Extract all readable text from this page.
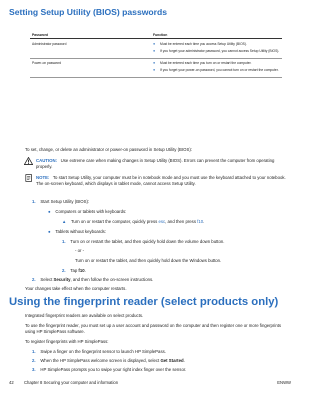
Setting Setup Utility (BIOS) passwords
Password	Function
Administrator password	● Must be entered each time you access Setup Utility (BIOS).
● If you forget your administrator password, you cannot access Setup Utility (BIOS).

Power-on password	● Must be entered each time you turn on or restart the computer.
● If you forget your power-on password, you cannot turn on or restart the computer.
To set, change, or delete an administrator or power-on password in Setup Utility (BIOS):
CAUTION: Use extreme care when making changes in Setup Utility (BIOS). Errors can prevent the computer from operating properly.
NOTE: To start Setup Utility, your computer must be in notebook mode and you must use the keyboard attached to your notebook. The on-screen keyboard, which displays in tablet mode, cannot access Setup Utility.
1. Start Setup Utility (BIOS):
● Computers or tablets with keyboards:
▲ Turn on or restart the computer, quickly press esc, and then press f10.
● Tablets without keyboards:
1. Turn on or restart the tablet, and then quickly hold down the volume down button.
- or -
Turn on or restart the tablet, and then quickly hold down the Windows button.
2. Tap f10.
2. Select Security, and then follow the on-screen instructions.
Your changes take effect when the computer restarts.
Using the fingerprint reader (select products only)
Integrated fingerprint readers are available on select products.
To use the fingerprint reader, you must set up a user account and password on the computer and then register one or more fingerprints using HP SimplePass software.
To register fingerprints with HP SimplePass:
1. Swipe a finger on the fingerprint sensor to launch HP SimplePass.
2. When the HP SimplePass welcome screen is displayed, select Get Started.
3. HP SimplePass prompts you to swipe your right index finger over the sensor.
42 Chapter 8 Securing your computer and information	ENWW
